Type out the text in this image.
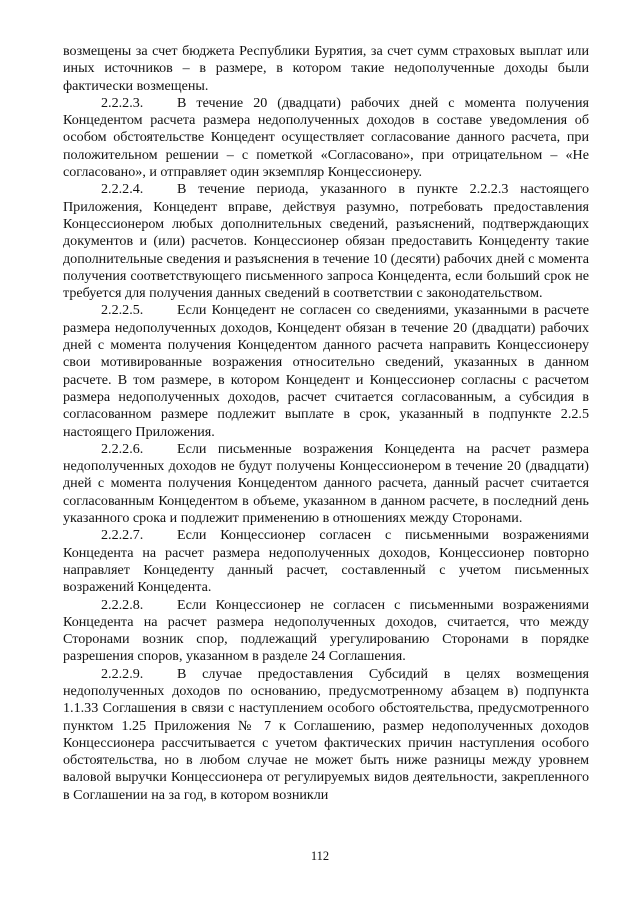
возмещены за счет бюджета Республики Бурятия, за счет сумм страховых выплат или иных источников – в размере, в котором такие недополученные доходы были фактически возмещены.

2.2.2.3. В течение 20 (двадцати) рабочих дней с момента получения Концедентом расчета размера недополученных доходов в составе уведомления об особом обстоятельстве Концедент осуществляет согласование данного расчета, при положительном решении – с пометкой «Согласовано», при отрицательном – «Не согласовано», и отправляет один экземпляр Концессионеру.

2.2.2.4. В течение периода, указанного в пункте 2.2.2.3 настоящего Приложения, Концедент вправе, действуя разумно, потребовать предоставления Концессионером любых дополнительных сведений, разъяснений, подтверждающих документов и (или) расчетов. Концессионер обязан предоставить Концеденту такие дополнительные сведения и разъяснения в течение 10 (десяти) рабочих дней с момента получения соответствующего письменного запроса Концедента, если больший срок не требуется для получения данных сведений в соответствии с законодательством.

2.2.2.5. Если Концедент не согласен со сведениями, указанными в расчете размера недополученных доходов, Концедент обязан в течение 20 (двадцати) рабочих дней с момента получения Концедентом данного расчета направить Концессионеру свои мотивированные возражения относительно сведений, указанных в данном расчете. В том размере, в котором Концедент и Концессионер согласны с расчетом размера недополученных доходов, расчет считается согласованным, а субсидия в согласованном размере подлежит выплате в срок, указанный в подпункте 2.2.5 настоящего Приложения.

2.2.2.6. Если письменные возражения Концедента на расчет размера недополученных доходов не будут получены Концессионером в течение 20 (двадцати) дней с момента получения Концедентом данного расчета, данный расчет считается согласованным Концедентом в объеме, указанном в данном расчете, в последний день указанного срока и подлежит применению в отношениях между Сторонами.

2.2.2.7. Если Концессионер согласен с письменными возражениями Концедента на расчет размера недополученных доходов, Концессионер повторно направляет Концеденту данный расчет, составленный с учетом письменных возражений Концедента.

2.2.2.8. Если Концессионер не согласен с письменными возражениями Концедента на расчет размера недополученных доходов, считается, что между Сторонами возник спор, подлежащий урегулированию Сторонами в порядке разрешения споров, указанном в разделе 24 Соглашения.

2.2.2.9. В случае предоставления Субсидий в целях возмещения недополученных доходов по основанию, предусмотренному абзацем в) подпункта 1.1.33 Соглашения в связи с наступлением особого обстоятельства, предусмотренного пунктом 1.25 Приложения № 7 к Соглашению, размер недополученных доходов Концессионера рассчитывается с учетом фактических причин наступления особого обстоятельства, но в любом случае не может быть ниже разницы между уровнем валовой выручки Концессионера от регулируемых видов деятельности, закрепленного в Соглашении на за год, в котором возникли

112
